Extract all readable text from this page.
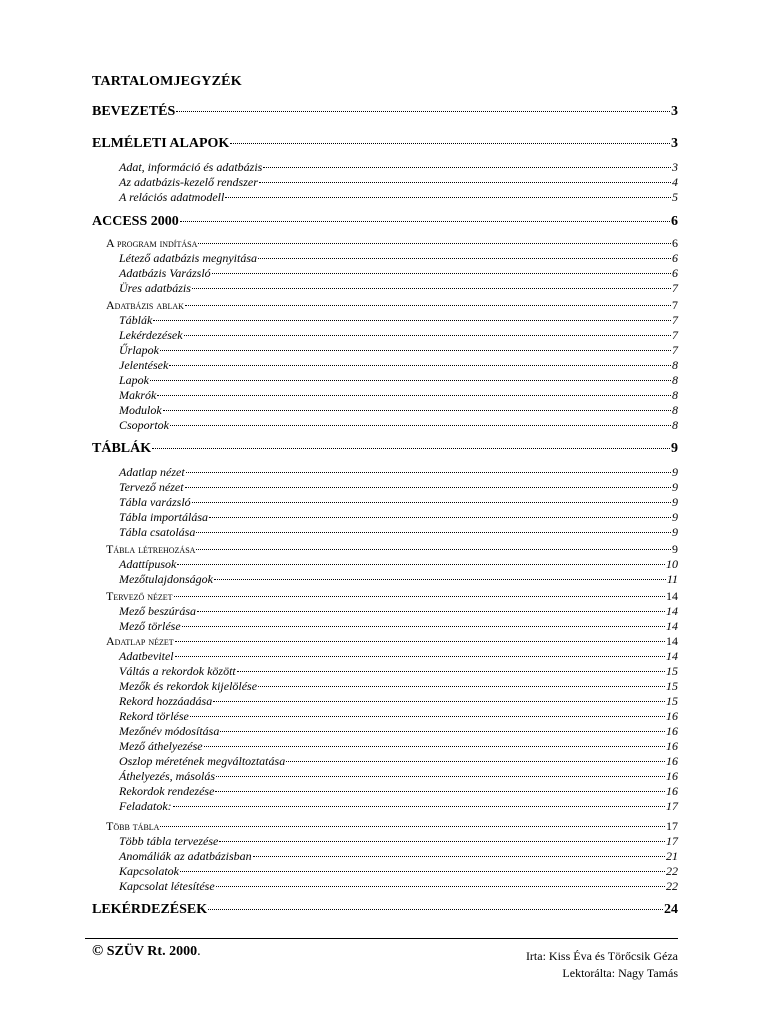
TARTALOMJEGYZÉK
BEVEZETÉS	3
ELMÉLETI ALAPOK	3
Adat, információ és adatbázis	3
Az adatbázis-kezelő rendszer	4
A relációs adatmodell	5
ACCESS 2000	6
A program indítása	6
Létező adatbázis megnyitása	6
Adatbázis Varázsló	6
Üres adatbázis	7
Adatbázis ablak	7
Táblák	7
Lekérdezések	7
Űrlapok	7
Jelentések	8
Lapok	8
Makrók	8
Modulok	8
Csoportok	8
TÁBLÁK	9
Adatlap nézet	9
Tervező nézet	9
Tábla varázsló	9
Tábla importálása	9
Tábla csatolása	9
Tábla létrehozása	9
Adattípusok	10
Mezőtulajdonságok	11
Tervező nézet	14
Mező beszúrása	14
Mező törlése	14
Adatlap nézet	14
Adatbevitel	14
Váltás a rekordok között	15
Mezők és rekordok kijelölése	15
Rekord hozzáadása	15
Rekord törlése	16
Mezőnév módosítása	16
Mező áthelyezése	16
Oszlop méretének megváltoztatása	16
Áthelyezés, másolás	16
Rekordok rendezése	16
Feladatok:	17
Több tábla	17
Több tábla tervezése	17
Anomáliák az adatbázisban	21
Kapcsolatok	22
Kapcsolat létesítése	22
LEKÉRDEZÉSEK	24
© SZÜV Rt. 2000.	Irta: Kiss Éva és Törőcsik Géza
Lektorálta: Nagy Tamás
